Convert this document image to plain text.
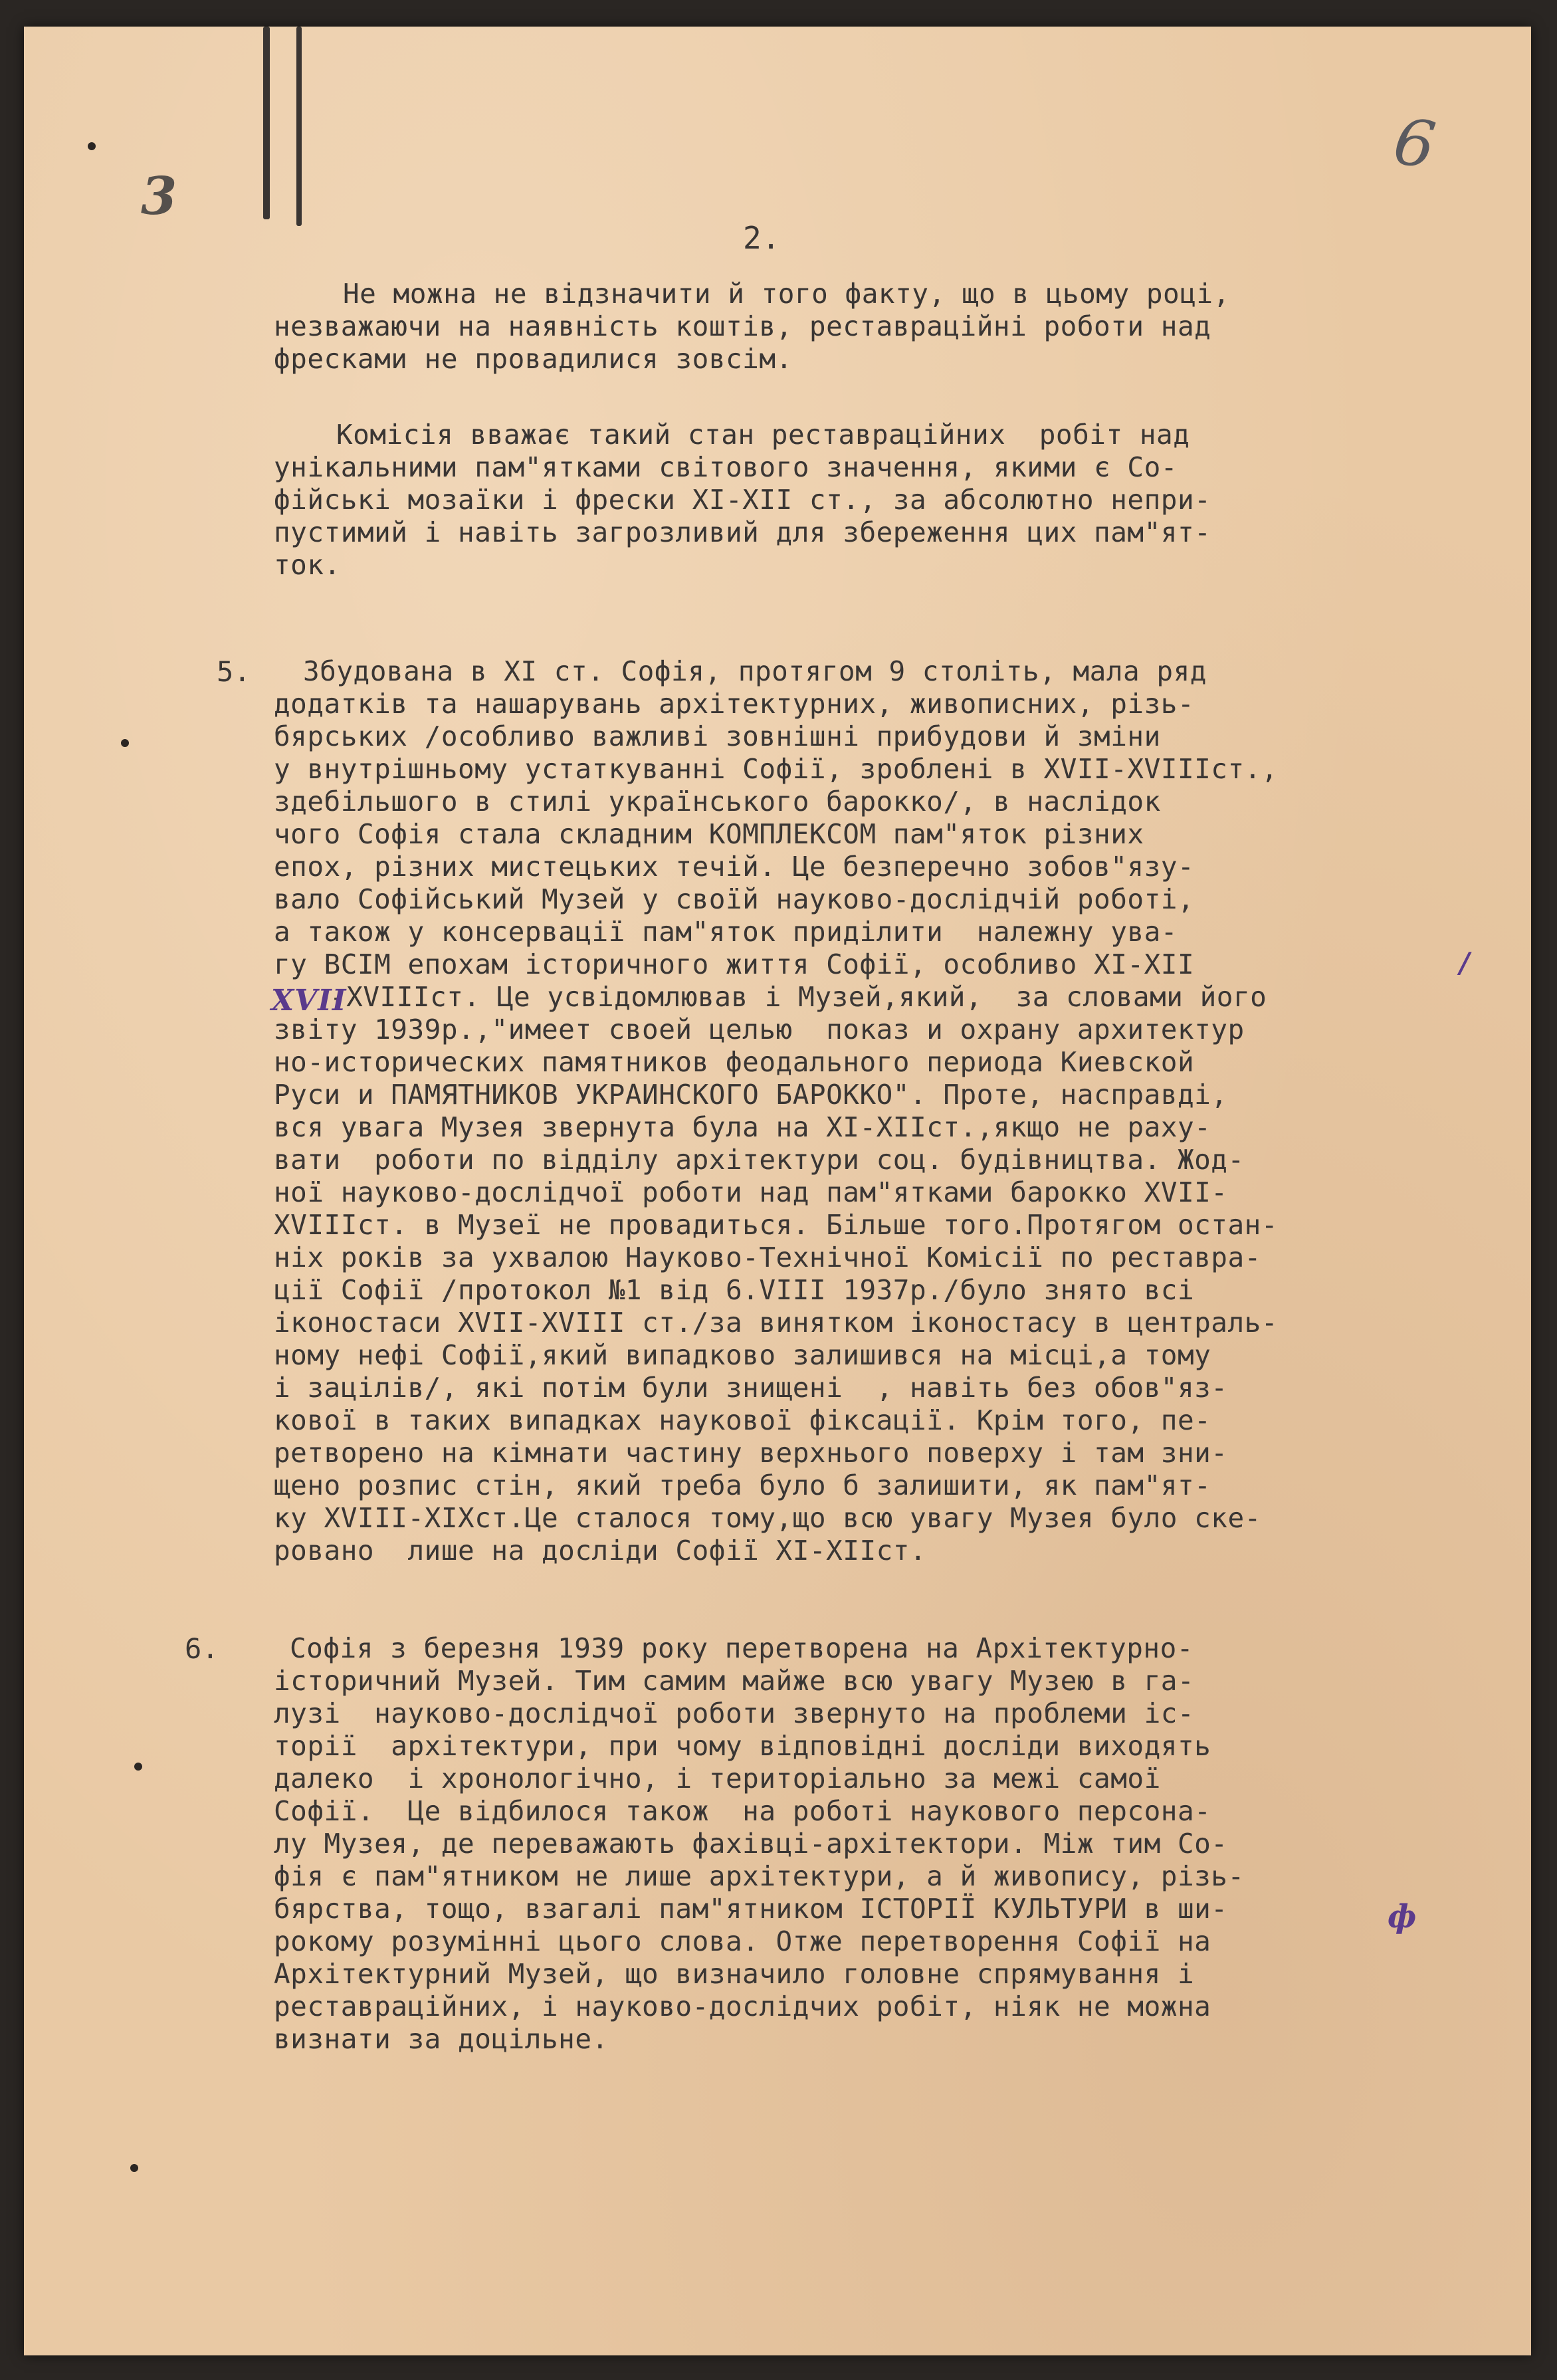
3
6
2.
Не можна не відзначити й того факту, що в цьому році,
незважаючи на наявність коштів, реставраційні роботи над
фресками не провадилися зовсім.
Комісія вважає такий стан реставраційних  робіт над
унікальними пам"ятками світового значення, якими є Со-
фійські мозаїки і фрески XI-XII ст., за абсолютно непри-
пустимий і навіть загрозливий для збереження цих пам"ят-
ток.
5. Збудована в XI ст. Софія, протягом 9 століть, мала ряд
додатків та нашарувань архітектурних, живописних, різь-
бярських /особливо важливі зовнішні прибудови й зміни
у внутрішньому устаткуванні Софії, зроблені в XVII-XVIIIст.,
здебільшого в стилі українського барокко/, в наслідок
чого Софія стала складним КОМПЛЕКСОМ пам"яток різних
епох, різних мистецьких течій. Це безперечно зобов"язу-
вало Софійський Музей у своїй науково-дослідчій роботі,
а також у консервації пам"яток приділити  належну ува-
гу ВСІМ епохам історичного життя Софії, особливо XI-XII
-XVIIIст. Це усвідомлював і Музей,який,  за словами його
звіту 1939р.,"имеет своей целью  показ и охрану архитектур
но-исторических памятников феодального периода Киевской
Руси и ПАМЯТНИКОВ УКРАИНСКОГО БАРОККО". Проте, насправді,
вся увага Музея звернута була на XI-XIIст.,якщо не раху-
вати  роботи по відділу архітектури соц. будівництва. Жод-
ної науково-дослідчої роботи над пам"ятками барокко XVII-
XVIIIст. в Музеї не провадиться. Більше того.Протягом остан-
ніх років за ухвалою Науково-Технічної Комісії по реставра-
ції Софії /протокол №1 від 6.VIII 1937р./було знято всі
іконостаси XVII-XVIII ст./за винятком іконостасу в централь-
ному нефі Софії,який випадково залишився на місці,а тому
і зацілів/, які потім були знищені  , навіть без обов"яз-
кової в таких випадках наукової фіксації. Крім того, пе-
ретворено на кімнати частину верхнього поверху і там зни-
щено розпис стін, який треба було б залишити, як пам"ят-
ку XVIII-XIXст.Це сталося тому,що всю увагу Музея було ске-
ровано  лише на досліди Софії XI-XIIст.
XVII
/
6.	Софія з березня 1939 року перетворена на Архітектурно-
історичний Музей. Тим самим майже всю увагу Музею в га-
лузі  науково-дослідчої роботи звернуто на проблеми іс-
торії  архітектури, при чому відповідні досліди виходять
далеко  і хронологічно, і територіально за межі самої
Софії.  Це відбилося також  на роботі наукового персона-
лу Музея, де переважають фахівці-архітектори. Між тим Со-
фія є пам"ятником не лише архітектури, а й живопису, різь-
бярства, тощо, взагалі пам"ятником ІСТОРІЇ КУЛЬТУРИ в ши-
рокому розумінні цього слова. Отже перетворення Софії на
Архітектурний Музей, що визначило головне спрямування і
реставраційних, і науково-дослідчих робіт, ніяк не можна
визнати за доцільне.
ф
